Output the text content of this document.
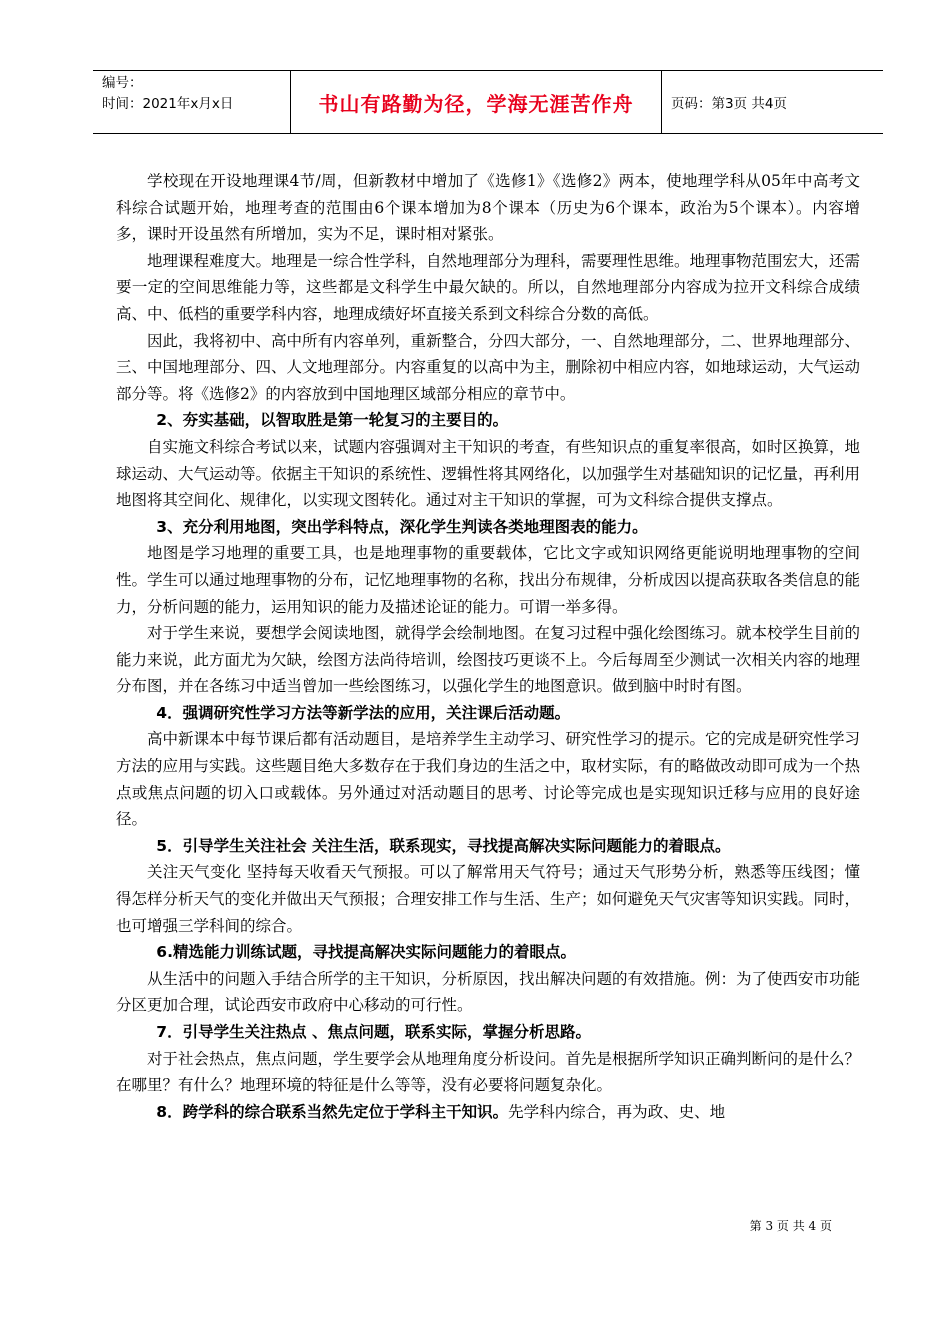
编号：
时间：2021年x月x日	书山有路勤为径，学海无涯苦作舟	页码：第3页 共4页
学校现在开设地理课4节/周，但新教材中增加了《选修1》《选修2》两本，使地理学科从05年中高考文科综合试题开始，地理考查的范围由6个课本增加为8个课本（历史为6个课本，政治为5个课本）。内容增多，课时开设虽然有所增加，实为不足，课时相对紧张。
地理课程难度大。地理是一综合性学科，自然地理部分为理科，需要理性思维。地理事物范围宏大，还需要一定的空间思维能力等，这些都是文科学生中最欠缺的。所以，自然地理部分内容成为拉开文科综合成绩高、中、低档的重要学科内容，地理成绩好坏直接关系到文科综合分数的高低。
因此，我将初中、高中所有内容单列，重新整合，分四大部分，一、自然地理部分，二、世界地理部分、三、中国地理部分、四、人文地理部分。内容重复的以高中为主，删除初中相应内容，如地球运动，大气运动部分等。将《选修2》的内容放到中国地理区域部分相应的章节中。
2、夯实基础，以智取胜是第一轮复习的主要目的。
自实施文科综合考试以来，试题内容强调对主干知识的考查，有些知识点的重复率很高，如时区换算，地球运动、大气运动等。依据主干知识的系统性、逻辑性将其网络化，以加强学生对基础知识的记忆量，再利用地图将其空间化、规律化，以实现文图转化。通过对主干知识的掌握，可为文科综合提供支撑点。
3、充分利用地图，突出学科特点，深化学生判读各类地理图表的能力。
地图是学习地理的重要工具，也是地理事物的重要载体，它比文字或知识网络更能说明地理事物的空间性。学生可以通过地理事物的分布，记忆地理事物的名称，找出分布规律，分析成因以提高获取各类信息的能力，分析问题的能力，运用知识的能力及描述论证的能力。可谓一举多得。
对于学生来说，要想学会阅读地图，就得学会绘制地图。在复习过程中强化绘图练习。就本校学生目前的能力来说，此方面尤为欠缺，绘图方法尚待培训，绘图技巧更谈不上。今后每周至少测试一次相关内容的地理分布图，并在各练习中适当曾加一些绘图练习，以强化学生的地图意识。做到脑中时时有图。
4．强调研究性学习方法等新学法的应用，关注课后活动题。
高中新课本中每节课后都有活动题目，是培养学生主动学习、研究性学习的提示。它的完成是研究性学习方法的应用与实践。这些题目绝大多数存在于我们身边的生活之中，取材实际，有的略做改动即可成为一个热点或焦点问题的切入口或载体。另外通过对活动题目的思考、讨论等完成也是实现知识迁移与应用的良好途径。
5．引导学生关注社会 关注生活，联系现实，寻找提高解决实际问题能力的着眼点。
关注天气变化 坚持每天收看天气预报。可以了解常用天气符号；通过天气形势分析，熟悉等压线图；懂得怎样分析天气的变化并做出天气预报；合理安排工作与生活、生产；如何避免天气灾害等知识实践。同时，也可增强三学科间的综合。
6.精选能力训练试题，寻找提高解决实际问题能力的着眼点。
从生活中的问题入手结合所学的主干知识，分析原因，找出解决问题的有效措施。例：为了使西安市功能分区更加合理，试论西安市政府中心移动的可行性。
7．引导学生关注热点 、焦点问题，联系实际，掌握分析思路。
对于社会热点，焦点问题，学生要学会从地理角度分析设问。首先是根据所学知识正确判断问的是什么？在哪里？有什么？地理环境的特征是什么等等，没有必要将问题复杂化。
8．跨学科的综合联系当然先定位于学科主干知识。先学科内综合，再为政、史、地
第 3 页 共 4 页
